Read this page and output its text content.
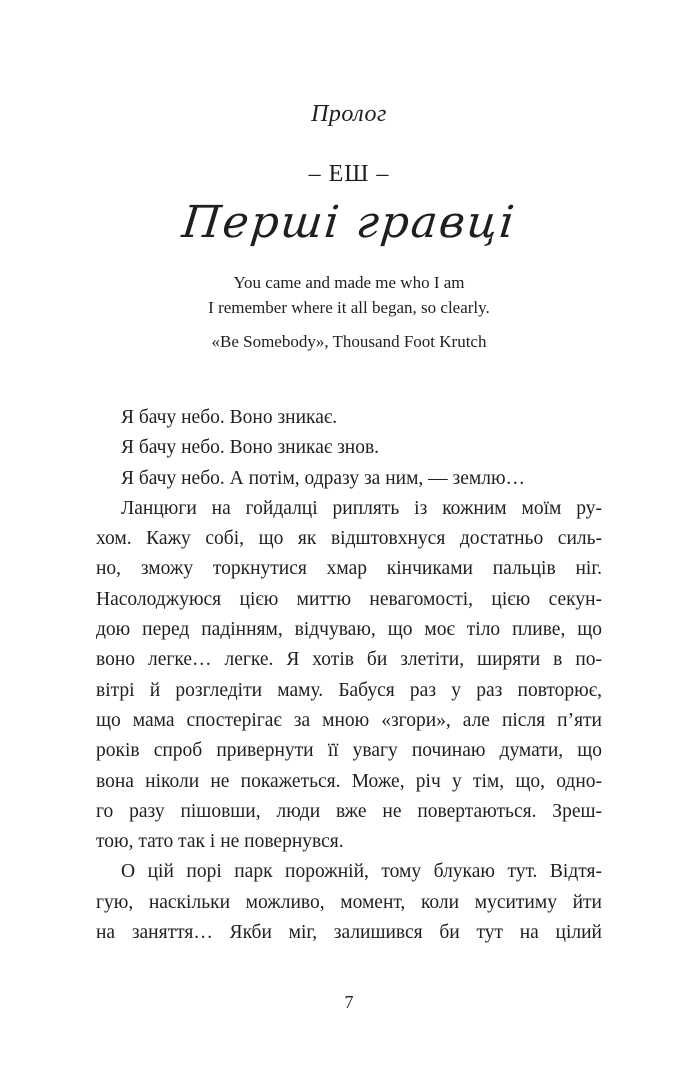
Пролог
– ЕШ –
Перші гравці
You came and made me who I am
I remember where it all began, so clearly.
«Be Somebody», Thousand Foot Krutch
Я бачу небо. Воно зникає.
Я бачу небо. Воно зникає знов.
Я бачу небо. А потім, одразу за ним, — землю…
Ланцюги на гойдалці риплять із кожним моїм ру-
хом. Кажу собі, що як відштовхнуся достатньо силь-
но, зможу торкнутися хмар кінчиками пальців ніг.
Насолоджуюся цією миттю невагомості, цією секун-
дою перед падінням, відчуваю, що моє тіло пливе, що
воно легке… легке. Я хотів би злетіти, ширяти в по-
вітрі й розгледіти маму. Бабуся раз у раз повторює,
що мама спостерігає за мною «згори», але після п’яти
років спроб привернути її увагу починаю думати, що
вона ніколи не покажеться. Може, річ у тім, що, одно-
го разу пішовши, люди вже не повертаються. Зреш-
тою, тато так і не повернувся.
О цій порі парк порожній, тому блукаю тут. Відтя-
гую, наскільки можливо, момент, коли муситиму йти
на заняття… Якби міг, залишився би тут на цілий
7
